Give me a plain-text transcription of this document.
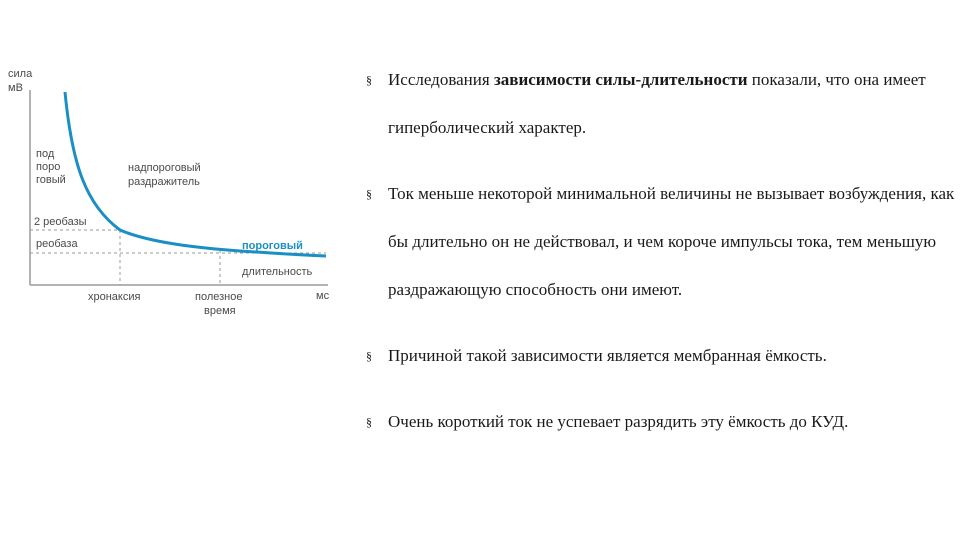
сила
мВ
под
поро
говый
надпороговый
раздражитель
2 реобазы
реобаза	пороговый
длительность
мс
хронаксия	полезное
время
§ Исследования зависимости силы-длительности показали, что она имеет гиперболический характер.
§ Ток меньше некоторой минимальной величины не вызывает возбуждения, как бы длительно он не действовал, и чем короче импульсы тока, тем меньшую раздражающую способность они имеют.
§ Причиной такой зависимости является мембранная ёмкость.
§ Очень короткий ток не успевает разрядить эту ёмкость до КУД.
